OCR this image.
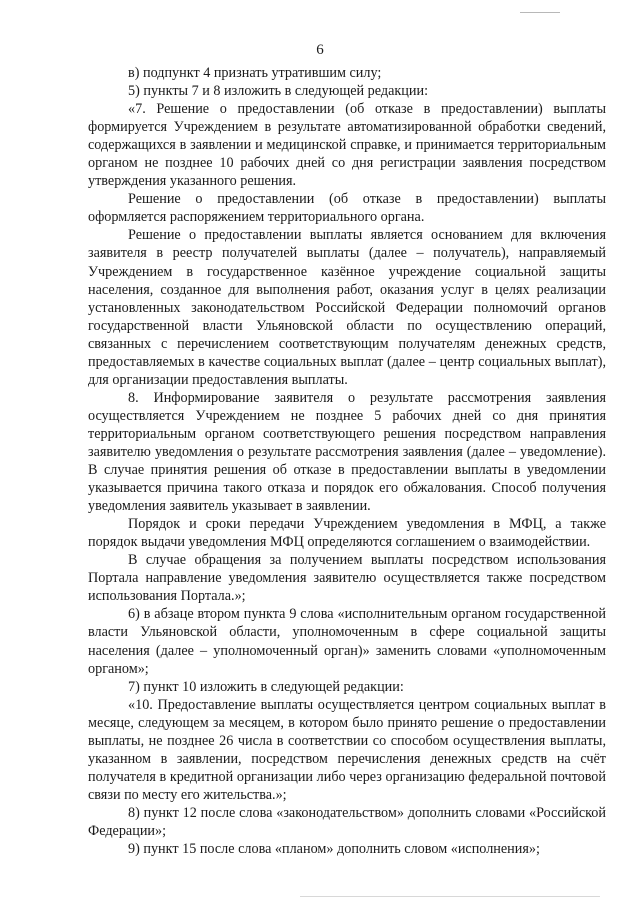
6

в) подпункт 4 признать утратившим силу;

5) пункты 7 и 8 изложить в следующей редакции:

«7. Решение о предоставлении (об отказе в предоставлении) выплаты формируется Учреждением в результате автоматизированной обработки сведений, содержащихся в заявлении и медицинской справке, и принимается территориальным органом не позднее 10 рабочих дней со дня регистрации заявления посредством утверждения указанного решения.

Решение о предоставлении (об отказе в предоставлении) выплаты оформляется распоряжением территориального органа.

Решение о предоставлении выплаты является основанием для включения заявителя в реестр получателей выплаты (далее – получатель), направляемый Учреждением в государственное казённое учреждение социальной защиты населения, созданное для выполнения работ, оказания услуг в целях реализации установленных законодательством Российской Федерации полномочий органов государственной власти Ульяновской области по осуществлению операций, связанных с перечислением соответствующим получателям денежных средств, предоставляемых в качестве социальных выплат (далее – центр социальных выплат), для организации предоставления выплаты.

8. Информирование заявителя о результате рассмотрения заявления осуществляется Учреждением не позднее 5 рабочих дней со дня принятия территориальным органом соответствующего решения посредством направления заявителю уведомления о результате рассмотрения заявления (далее – уведомление). В случае принятия решения об отказе в предоставлении выплаты в уведомлении указывается причина такого отказа и порядок его обжалования. Способ получения уведомления заявитель указывает в заявлении.

Порядок и сроки передачи Учреждением уведомления в МФЦ, а также порядок выдачи уведомления МФЦ определяются соглашением о взаимодействии.

В случае обращения за получением выплаты посредством использования Портала направление уведомления заявителю осуществляется также посредством использования Портала.»;

6) в абзаце втором пункта 9 слова «исполнительным органом государственной власти Ульяновской области, уполномоченным в сфере социальной защиты населения (далее – уполномоченный орган)» заменить словами «уполномоченным органом»;

7) пункт 10 изложить в следующей редакции:

«10. Предоставление выплаты осуществляется центром социальных выплат в месяце, следующем за месяцем, в котором было принято решение о предоставлении выплаты, не позднее 26 числа в соответствии со способом осуществления выплаты, указанном в заявлении, посредством перечисления денежных средств на счёт получателя в кредитной организации либо через организацию федеральной почтовой связи по месту его жительства.»;

8) пункт 12 после слова «законодательством» дополнить словами «Российской Федерации»;

9) пункт 15 после слова «планом» дополнить словом «исполнения»;
